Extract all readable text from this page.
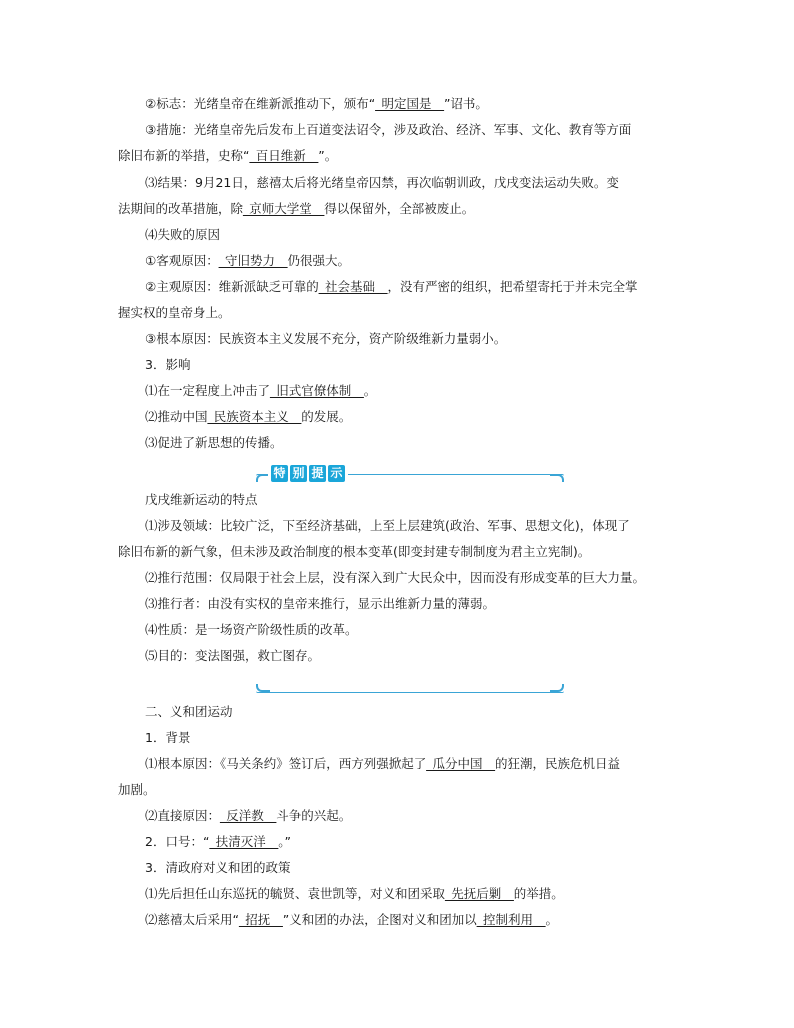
②标志：光绪皇帝在维新派推动下，颁布“_明定国是__”诏书。
③措施：光绪皇帝先后发布上百道变法诏令，涉及政治、经济、军事、文化、教育等方面
除旧布新的举措，史称“_百日维新__”。
⑶结果：9月21日，慈禧太后将光绪皇帝囚禁，再次临朝训政，戊戌变法运动失败。变
法期间的改革措施，除_京师大学堂__得以保留外，全部被废止。
⑷失败的原因
①客观原因：_守旧势力__仍很强大。
②主观原因：维新派缺乏可靠的_社会基础__，没有严密的组织，把希望寄托于并未完全掌
握实权的皇帝身上。
③根本原因：民族资本主义发展不充分，资产阶级维新力量弱小。
3．影响
⑴在一定程度上冲击了_旧式官僚体制__。
⑵推动中国_民族资本主义__的发展。
⑶促进了新思想的传播。
特 别 提 示
戊戌维新运动的特点
⑴涉及领域：比较广泛，下至经济基础，上至上层建筑(政治、军事、思想文化)，体现了
除旧布新的新气象，但未涉及政治制度的根本变革(即变封建专制制度为君主立宪制)。
⑵推行范围：仅局限于社会上层，没有深入到广大民众中，因而没有形成变革的巨大力量。
⑶推行者：由没有实权的皇帝来推行，显示出维新力量的薄弱。
⑷性质：是一场资产阶级性质的改革。
⑸目的：变法图强，救亡图存。
二、义和团运动
1．背景
⑴根本原因：《马关条约》签订后，西方列强掀起了_瓜分中国__的狂潮，民族危机日益
加剧。
⑵直接原因：_反洋教__斗争的兴起。
2．口号：“_扶清灭洋__。”
3．清政府对义和团的政策
⑴先后担任山东巡抚的毓贤、袁世凯等，对义和团采取_先抚后剿__的举措。
⑵慈禧太后采用“_招抚__”义和团的办法，企图对义和团加以_控制利用__。
